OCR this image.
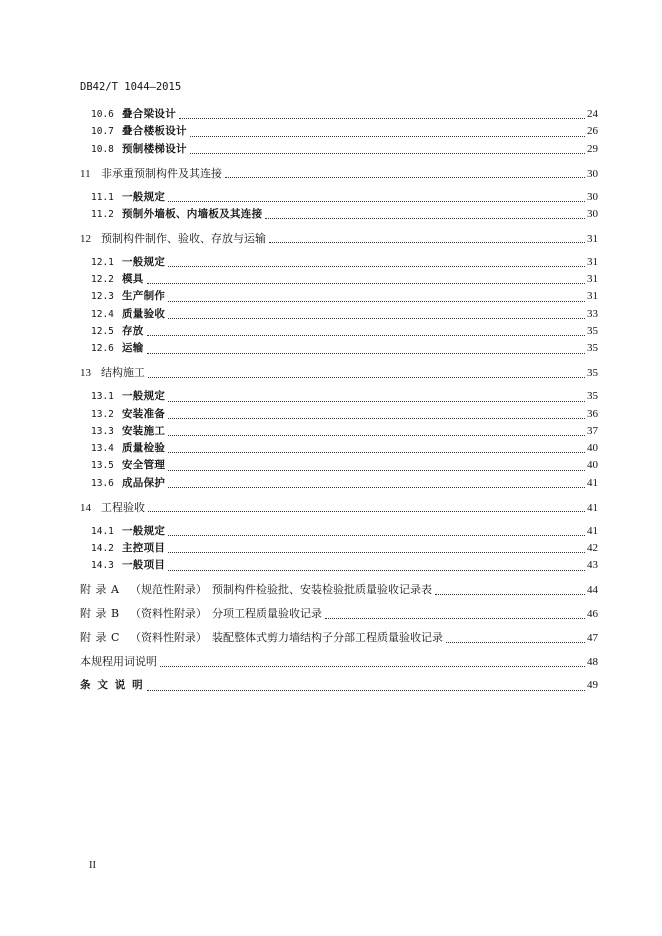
DB42/T 1044—2015
10.6 叠合梁设计	24
10.7 叠合楼板设计	26
10.8 预制楼梯设计	29
11 非承重预制构件及其连接	30
11.1 一般规定	30
11.2 预制外墙板、内墙板及其连接	30
12 预制构件制作、验收、存放与运输	31
12.1 一般规定	31
12.2 模具	31
12.3 生产制作	31
12.4 质量验收	33
12.5 存放	35
12.6 运输	35
13 结构施工	35
13.1 一般规定	35
13.2 安装准备	36
13.3 安装施工	37
13.4 质量检验	40
13.5 安全管理	40
13.6 成品保护	41
14 工程验收	41
14.1 一般规定	41
14.2 主控项目	42
14.3 一般项目	43
附 录 A （规范性附录） 预制构件检验批、安装检验批质量验收记录表	44
附 录 B （资料性附录） 分项工程质量验收记录	46
附 录 C （资料性附录） 装配整体式剪力墙结构子分部工程质量验收记录	47
本规程用词说明	48
条 文 说 明	49
II
